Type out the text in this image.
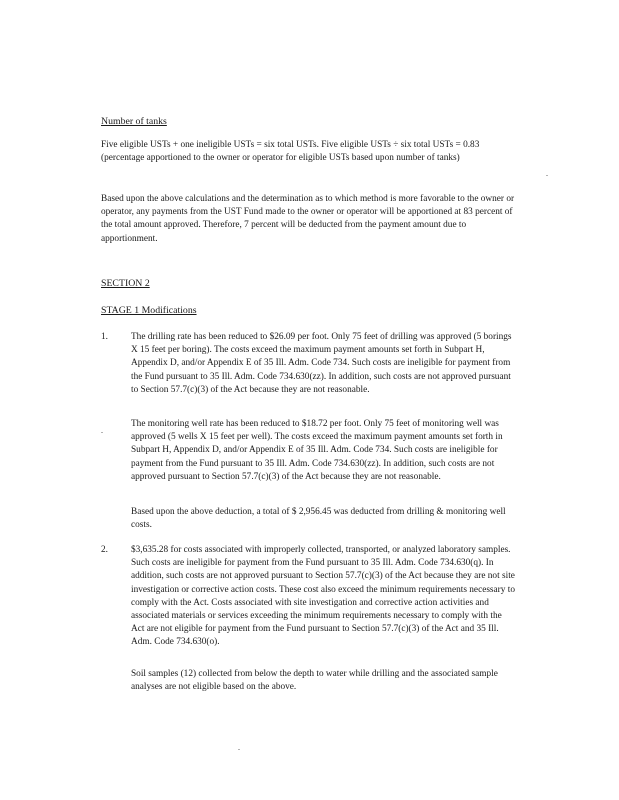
Number of tanks

Five eligible USTs + one ineligible USTs = six total USTs. Five eligible USTs ÷ six total USTs = 0.83 (percentage apportioned to the owner or operator for eligible USTs based upon number of tanks)

Based upon the above calculations and the determination as to which method is more favorable to the owner or operator, any payments from the UST Fund made to the owner or operator will be apportioned at 83 percent of the total amount approved. Therefore, 7 percent will be deducted from the payment amount due to apportionment.

.
SECTION 2
STAGE 1 Modifications
1. The drilling rate has been reduced to $26.09 per foot. Only 75 feet of drilling was approved (5 borings X 15 feet per boring). The costs exceed the maximum payment amounts set forth in Subpart H, Appendix D, and/or Appendix E of 35 Ill. Adm. Code 734. Such costs are ineligible for payment from the Fund pursuant to 35 Ill. Adm. Code 734.630(zz). In addition, such costs are not approved pursuant to Section 57.7(c)(3) of the Act because they are not reasonable.

The monitoring well rate has been reduced to $18.72 per foot. Only 75 feet of monitoring well was approved (5 wells X 15 feet per well). The costs exceed the maximum payment amounts set forth in Subpart H, Appendix D, and/or Appendix E of 35 Ill. Adm. Code 734. Such costs are ineligible for payment from the Fund pursuant to 35 Ill. Adm. Code 734.630(zz). In addition, such costs are not approved pursuant to Section 57.7(c)(3) of the Act because they are not reasonable.

Based upon the above deduction, a total of $ 2,956.45 was deducted from drilling & monitoring well costs.

.
2. $3,635.28 for costs associated with improperly collected, transported, or analyzed laboratory samples. Such costs are ineligible for payment from the Fund pursuant to 35 Ill. Adm. Code 734.630(q). In addition, such costs are not approved pursuant to Section 57.7(c)(3) of the Act because they are not site investigation or corrective action costs. These cost also exceed the minimum requirements necessary to comply with the Act. Costs associated with site investigation and corrective action activities and associated materials or services exceeding the minimum requirements necessary to comply with the Act are not eligible for payment from the Fund pursuant to Section 57.7(c)(3) of the Act and 35 Ill. Adm. Code 734.630(o).

Soil samples (12) collected from below the depth to water while drilling and the associated sample analyses are not eligible based on the above.

.
